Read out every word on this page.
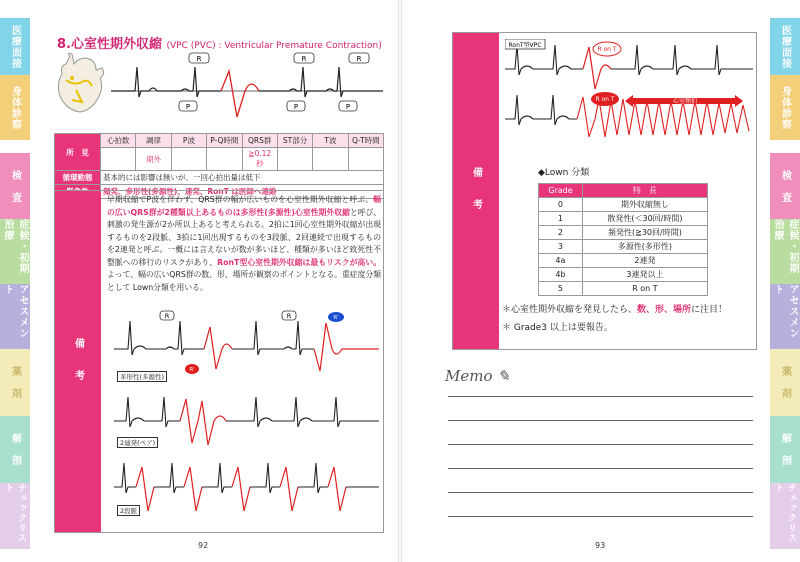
医療面接
身体診察
検　査
症候・初期治療
アセスメント
薬　剤
解　剖
チェックリスト
医療面接
身体診察
検　査
症候・初期治療
アセスメント
薬　剤
解　剖
チェックリスト
8.心室性期外収縮 (VPC (PVC) : Ventricular Premature Contraction)
R
P
R
P
R
P
所　見	心拍数	調律	P波	P-Q時間	QRS群	ST部分	T波	Q-T時間
		期外			≧0.12秒			
循環動態	基本的には影響は無いが、一回心拍出量は低下							
	頻発、多形性(多源性)、連発、RonT は医師へ連絡							
備　考
早期収縮でP波を伴わず、QRS群の幅が広いものを心室性期外収縮と呼ぶ。幅の広いQRS群が2種類以上あるものは多形性(多源性)心室性期外収縮と呼び、刺激の発生源が2か所以上あると考えられる。2拍に1回心室性期外収縮が出現するものを2段脈、3拍に1回出現するものを3段脈、2回連続で出現するものを2連発と呼ぶ。一概には言えないが数が多いほど、種類が多いほど致死性不整脈への移行のリスクがあり、RonT型心室性期外収縮は最もリスクが高い。よって、幅の広いQRS群の数、形、場所が観察のポイントとなる。重症度分類として Lown分類を用いる。
R	R
R'
R'
多形性(多源性)
2連発(ペア)
2段脈
92
備　考
RonT型VPC
R on T
R on T	心室頻拍
◆Lown 分類
Grade	特　長
0	期外収縮無し
1	散発性(＜30回/時間)
2	頻発性(≧30回/時間)
3	多源性(多形性)
4a	2連発
4b	3連発以上
5	R on T
＊心室性期外収縮を発見したら、数、形、場所に注目！
＊ Grade3 以上は要報告。
Memo ✎
93
